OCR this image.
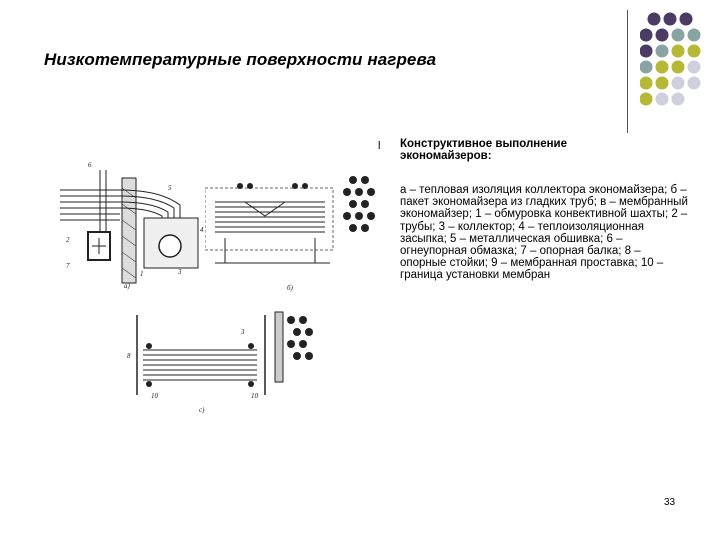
Низкотемпературные поверхности нагрева
l Конструктивное выполнение экономайзеров:
а – тепловая изоляция коллектора экономайзера; б – пакет экономайзера из гладких труб; в – мембранный экономайзер; 1 – обмуровка конвективной шахты; 2 – трубы; 3 – коллектор; 4 – теплоизоляционная засыпка; 5 – металлическая обшивка; 6 – огнеупорная обмазка; 7 – опорная балка; 8 – опорные стойки; 9 – мембранная проставка; 10 – граница установки мембран
6
5
2
7
4
3
1
а)	б)
8
3
10	10
с)
33
